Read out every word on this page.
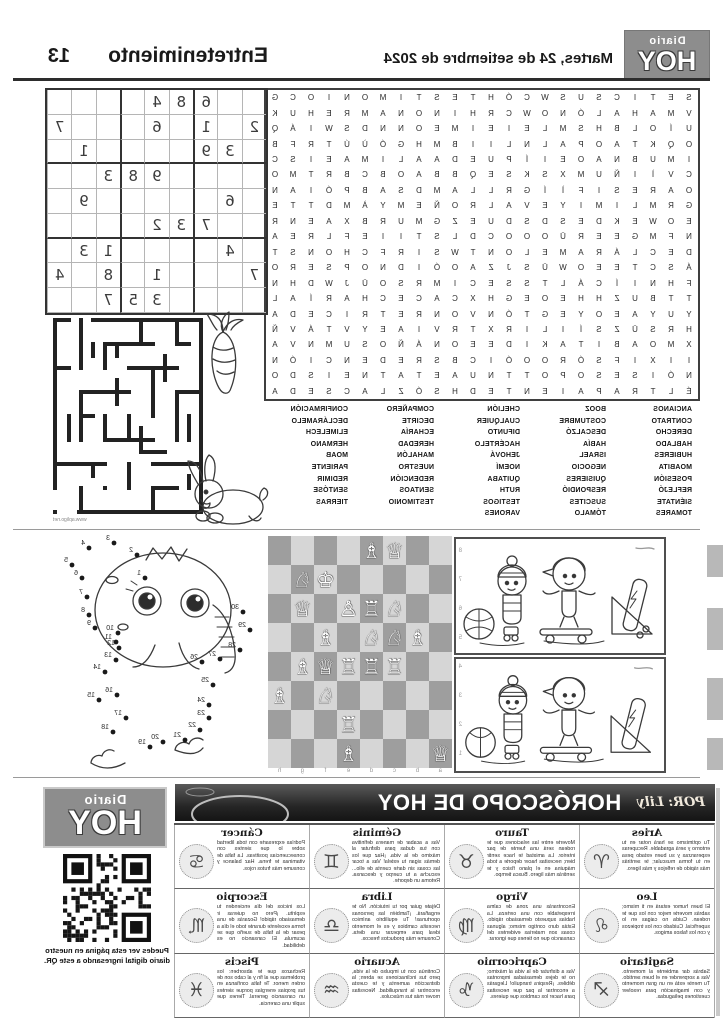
Diario
HOY
Martes, 24 de setiembre de 2024
Entretenimiento
13
S
E
T
I
C
S
U
S
W
C
Ó
H
T
E
S
T
I
M
O
N
I
O
C
G
V
M
A
H
A
L
Ó
N
O
W
C
R
H
I
N
O
N
A
M
R
E
H
U
K
U
Í
O
L
B
H
S
M
L
E
I
E
I
M
E
O
N
N
D
S
W
I
Á
Q
O
Q
K
T
A
O
P
A
L
N
L
I
I
B
M
H
G
Ó
Ù
Ú
T
R
F
B
I
M
U
B
N
A
O
E
I
Í
P
U
E
D
A
A
L
I
M
A
E
I
S
C
C
V
Ì
I
Ñ
U
M
X
S
K
S
E
Q
B
B
A
O
B
C
B
R
T
M
O
O
A
R
E
S
I
F
Ì
Í
G
R
L
L
A
M
D
S
A
B
P
Ó
I
A
N
G
R
M
L
I
M
I
Y
E
V
A
L
R
O
Ñ
E
M
Y
À
M
D
T
T
E
E
O
W
E
K
D
E
S
D
S
D
U
E
Z
G
M
U
R
B
X
A
E
N
R
N
F
M
G
E
E
R
Ü
O
O
O
C
D
L
S
T
I
I
E
F
L
R
E
A
D
E
C
L
Á
R
A
M
E
L
O
N
T
W
S
I
R
F
C
H
O
N
S
T
Á
S
C
T
E
E
O
W
Ü
S
J
Z
A
O
Ó
I
D
N
O
P
S
E
R
O
F
H
N
I
Í
C
Á
L
T
S
S
E
C
I
M
R
S
O
Ü
J
W
D
H
N
T
T
B
U
Z
H
H
E
O
E
G
H
X
C
A
C
E
C
H
A
R
Í
A
L
Y
U
Y
A
E
O
Y
E
G
T
Ó
N
V
O
N
R
E
T
R
I
C
E
D
A
H
R
S
Ü
Z
S
Í
I
L
I
R
X
T
R
V
I
A
E
Y
V
T
Á
V
Ñ
X
M
O
A
B
I
T
A
K
I
D
E
E
O
N
Á
Ñ
O
S
U
M
N
V
A
I
I
X
I
F
S
Ó
R
O
O
Ó
I
C
B
S
R
E
D
E
N
C
I
Ó
N
N
Ó
I
S
E
S
O
P
O
T
T
N
U
A
E
T
A
T
N
E
I
S
D
O
É
L
T
R
A
P
A
I
E
N
T
E
D
H
S
Ó
Z
L
A
C
S
E
D
A
ANCIANOS
CONTRATO
DERECHO
HABLADO
HUBIERES
MOABITA
POSESIÓN
REFLEJÓ
SIÉNTATE
TOMARES
BOOZ
COSTUMBRE
DESCALZÓ
HABÍA
ISRAEL
NEGOCIO
QUISIERES
RESPONDIÓ
SUSCITES
TÓMALO
CHELIÓN
CUALQUIER
DIFUNTO
HACÉRTELO
JEHOVÁ
NOEMÍ
QUITABA
RUTH
TESTIGOS
VARONES
COMPAÑERO
DECIRTE
ECHARÍA
HEREDAD
MAHALÓN
NUESTRO
REDENCIÓN
SENTAOS
TESTIMONIO
CONFIRMACIÓN
DECLÁRAMELO
ELIMELECH
HERMANO
MOAB
PARIENTE
REDIMIR
SENTÓSE
TIERRAS
6
8
4
2
1
6
7
3
9
1
9
8
3
6
9
7
3
2
4
1
3
7
1
8
4
3
5
7
www.apligo.net
8
7
6
5
4
3
2
1
♕
♗
♔
♘
♘
♖
♙
♕
♗
♘
♘
♗
♖
♖
♖
♕
♗
♘
♗
♖
♕
♗
a
b
c
d
e
f
g
h
1
2
3
4
5
6
7
8
9
10
11
12
13
14
15
16
17
18
19
20 21
22
23
24
25
26 27
28
29
30
POR: Lily
HORÓSCOPO DE HOY
Aries
Tu optimismo se hará notar en tu entorno y será agradable. Recuperas esperanzas y su buen estado pesa en tu forma muscular; te sentirás más rápido de reflejos y más ligero.
♈
Tauro
Moverte entre las relaciones que te rodean será una fuente de paz interior. La amistad te hace sentir bien; necesitas hacer deporte a toda máquina en el plano físico y te sentirás más ligero. Busca tiempo.
♉
Géminis
Vas a acabar de manera definitiva con tus dudas para disfrutar al máximo de la vida. ¡Haz que los demás sigan tu estela! Vas a tocar las cosas sin darte cuenta de ello... escucha a tu cuerpo y descansa. Retoma un deporte.
♊
Cáncer
Podrías expresarte con toda libertad sobre lo que sientes con consecuencias positivas. La falta de vitaminas te frena. Haz balance y consume más frutos rojos.
♋
Leo
El buen humor estará en ti mismo; sabrás moverte mejor con los que te rodean. Cuida no caigas en lo superficial. Cuidado con los tropiezos y con los falsos amigos.
♌
Virgo
Encontrarás una zona de calma irrespetable con una certeza. La habías supuesto demasiado rápido. Estás duro contigo mismo; algunas cosas son materias evidentes del cansancio que no tienes que ignorar.
♍
Libra
Déjate guiar por tu intuición. No te engañará. ¡También las personas oportunas! Tu equilibrio anímico necesita cambios y es el momento ideal para empezar una dieta. Consume más productos frescos.
♎
Escorpio
Los inicios del día encienden tu espíritu. ¡Pero no quieras ir demasiado rápido! Gozarás de una forma excelente durante todo el día a pesar de la falta de sueño que se acumula. El cansancio no es debilidad.
♏
Sagitario
Sabrás dar ambiente al momento. Vas a sorprender en el buen sentido. Tu mente está en un gran momento y con imaginación para resolver cuestiones peliagudas.
♐
Capricornio
Vas a disfrutar de la vida al máximo; no te dejes demasiadas improntas débiles. ¡Respira tranquilo! Llegarás a encontrar la paz que necesitas para hacer los cambios que quieres.
♑
Acuario
Continúa con tu impulso de la vida, pero tus inclinaciones se abren; la distracción aumenta y te cuesta encontrar la tranquilidad. Necesitas mover más tus músculos.
♒
Piscis
Rechazos que te absorben: los problemas que al fin y al cabo son de orden menor. Te falta confianza en tus propias energías porque sientes un cansancio general. Tienes que suplir una carencia.
♓
Diario
HOY
Puedes ver esta página en nuestro diario digital ingresando a este QR.
